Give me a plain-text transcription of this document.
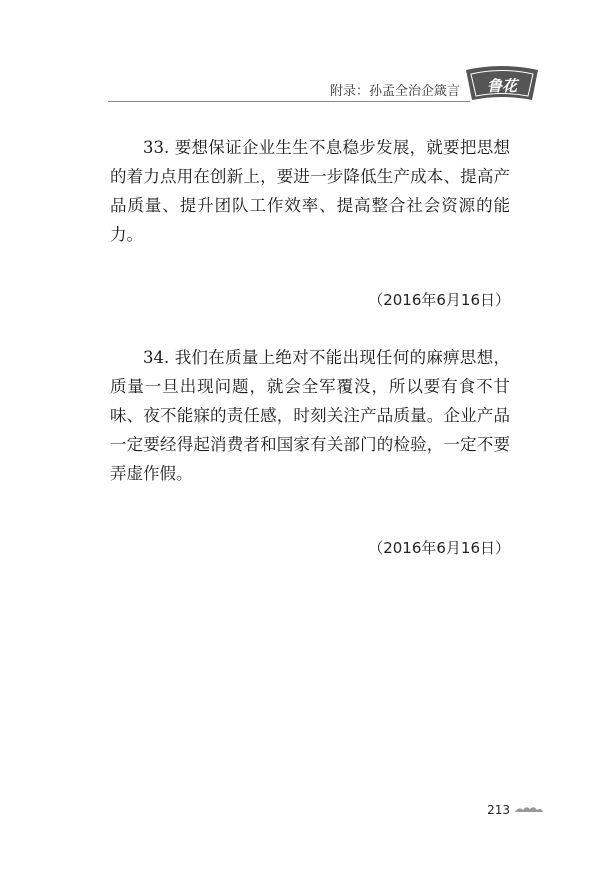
附录：孙孟全治企箴言 鲁花

33. 要想保证企业生生不息稳步发展，就要把思想的着力点用在创新上，要进一步降低生产成本、提高产品质量、提升团队工作效率、提高整合社会资源的能力。

（2016年6月16日）

34. 我们在质量上绝对不能出现任何的麻痹思想，质量一旦出现问题，就会全军覆没，所以要有食不甘味、夜不能寐的责任感，时刻关注产品质量。企业产品一定要经得起消费者和国家有关部门的检验，一定不要弄虚作假。

（2016年6月16日）
213
